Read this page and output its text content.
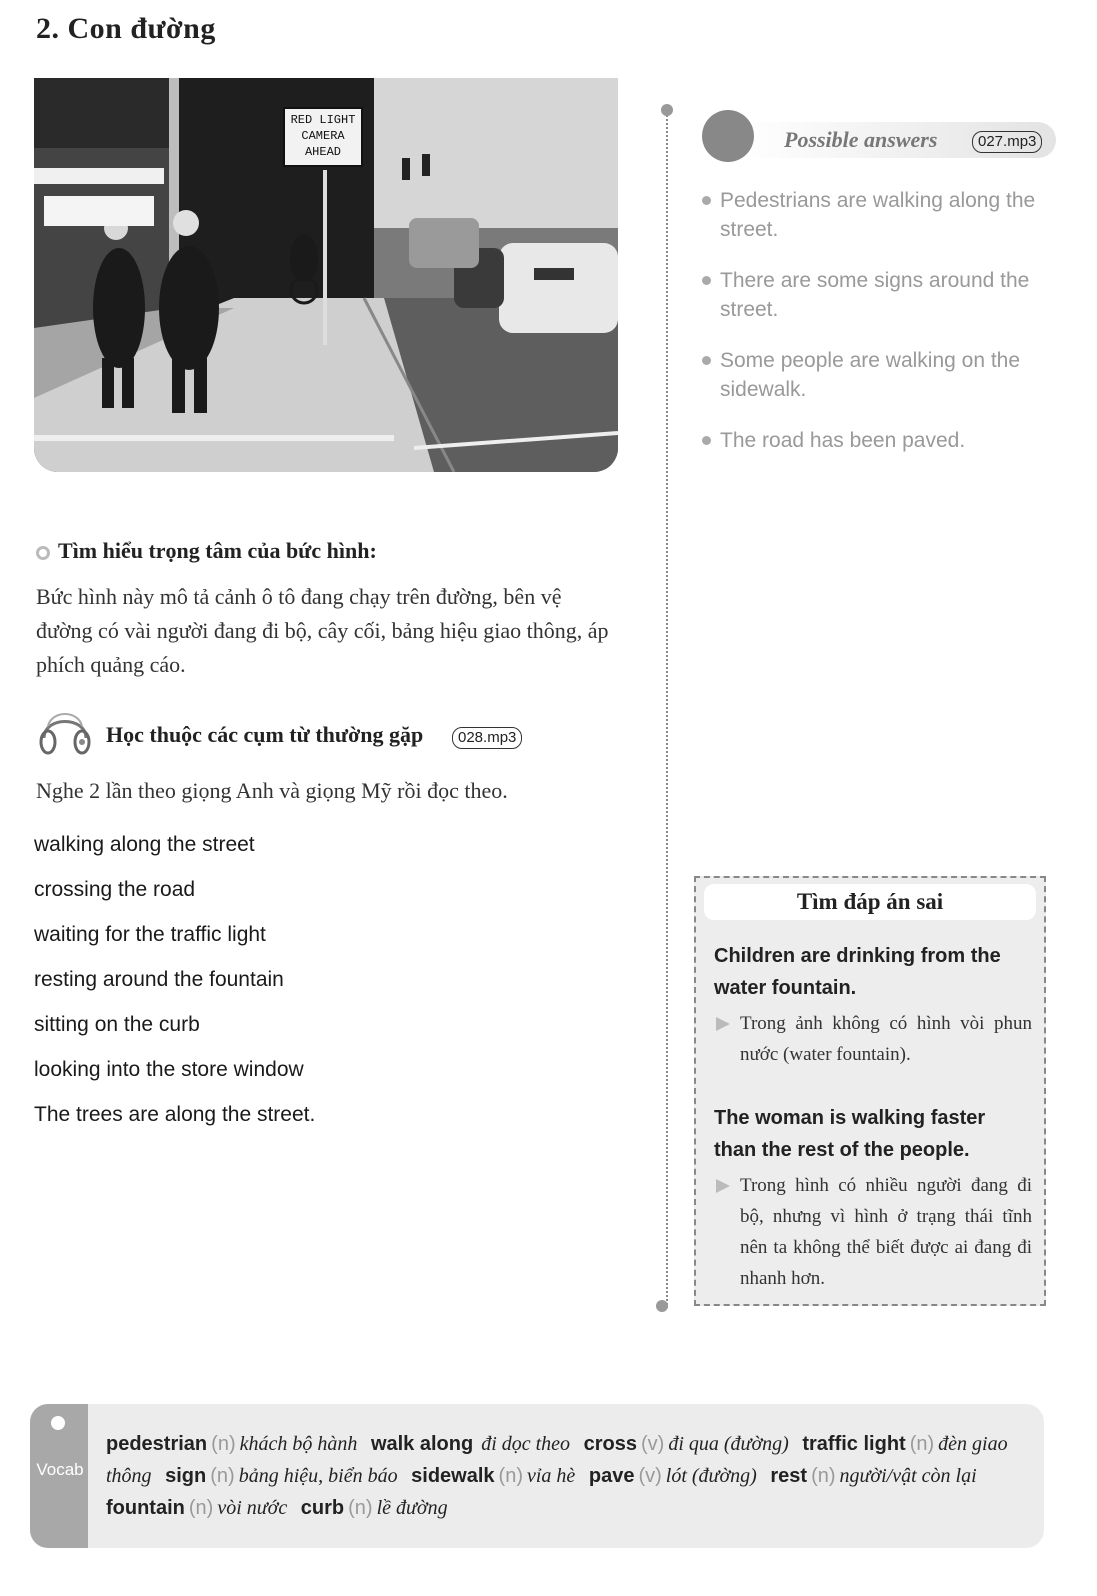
2. Con đường
RED LIGHT
CAMERA
AHEAD
Tìm hiểu trọng tâm của bức hình:
Bức hình này mô tả cảnh ô tô đang chạy trên đường, bên vệ đường có vài người đang đi bộ, cây cối, bảng hiệu giao thông, áp phích quảng cáo.
Học thuộc các cụm từ thường gặp	028.mp3
Nghe 2 lần theo giọng Anh và giọng Mỹ rồi đọc theo.
walking along the street
crossing the road
waiting for the traffic light
resting around the fountain
sitting on the curb
looking into the store window
The trees are along the street.
Possible answers	027.mp3
Pedestrians are walking along the street.
There are some signs around the street.
Some people are walking on the sidewalk.
The road has been paved.
Tìm đáp án sai
Children are drinking from the water fountain.
Trong ảnh không có hình vòi phun nước (water fountain).
The woman is walking faster than the rest of the people.
Trong hình có nhiều người đang đi bộ, nhưng vì hình ở trạng thái tĩnh nên ta không thể biết được ai đang đi nhanh hơn.
Vocab
pedestrian (n) khách bộ hành walk along đi dọc theo cross (v) đi qua (đường) traffic light (n) đèn giao thông sign (n) bảng hiệu, biển báo sidewalk (n) vỉa hè pave (v) lót (đường) rest (n) người/vật còn lại fountain (n) vòi nước curb (n) lề đường
